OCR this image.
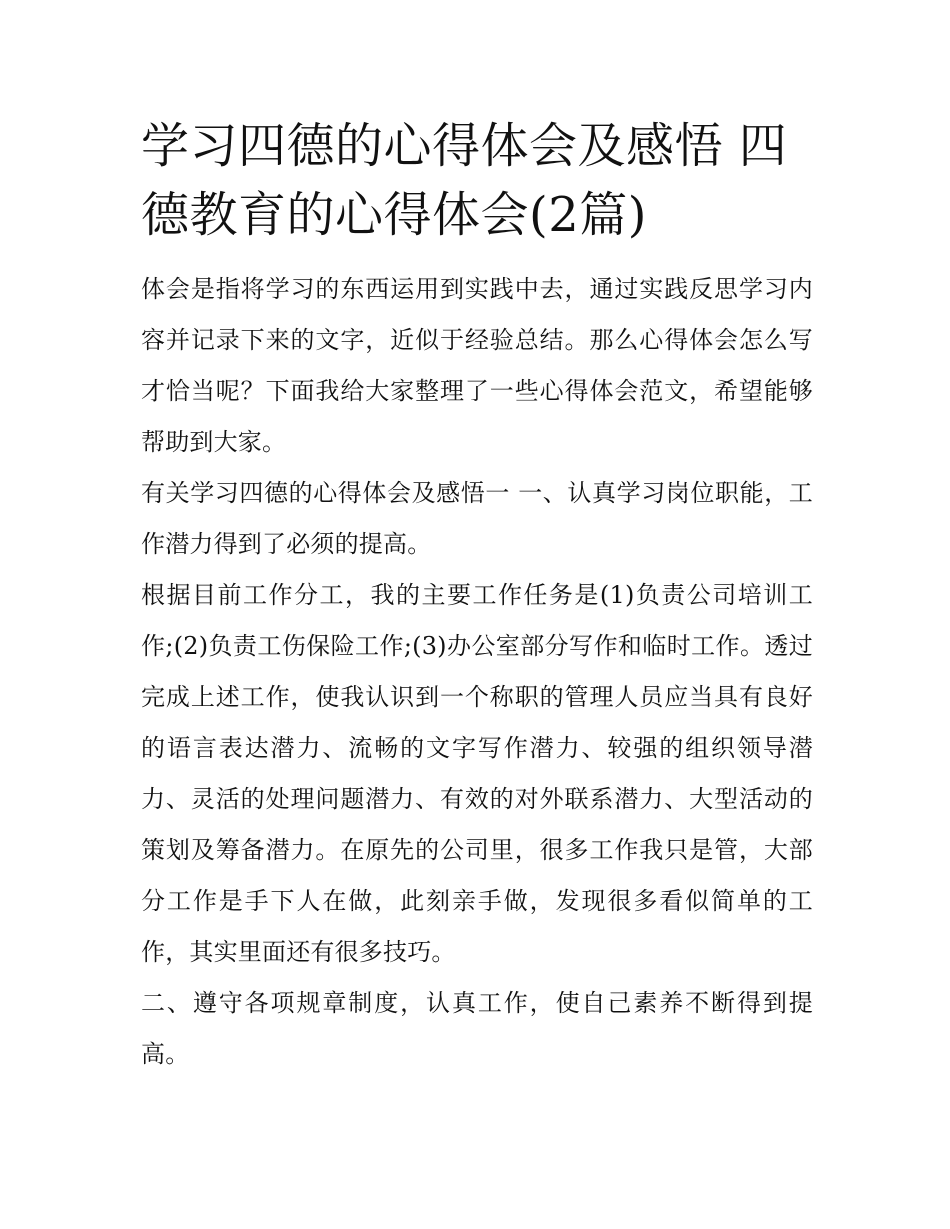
学习四德的心得体会及感悟 四德教育的心得体会(2篇)

体会是指将学习的东西运用到实践中去，通过实践反思学习内容并记录下来的文字，近似于经验总结。那么心得体会怎么写才恰当呢？下面我给大家整理了一些心得体会范文，希望能够帮助到大家。

有关学习四德的心得体会及感悟一 一、认真学习岗位职能，工作潜力得到了必须的提高。

根据目前工作分工，我的主要工作任务是(1)负责公司培训工作;(2)负责工伤保险工作;(3)办公室部分写作和临时工作。透过完成上述工作，使我认识到一个称职的管理人员应当具有良好的语言表达潜力、流畅的文字写作潜力、较强的组织领导潜力、灵活的处理问题潜力、有效的对外联系潜力、大型活动的策划及筹备潜力。在原先的公司里，很多工作我只是管，大部分工作是手下人在做，此刻亲手做，发现很多看似简单的工作，其实里面还有很多技巧。

二、遵守各项规章制度，认真工作，使自己素养不断得到提高。
